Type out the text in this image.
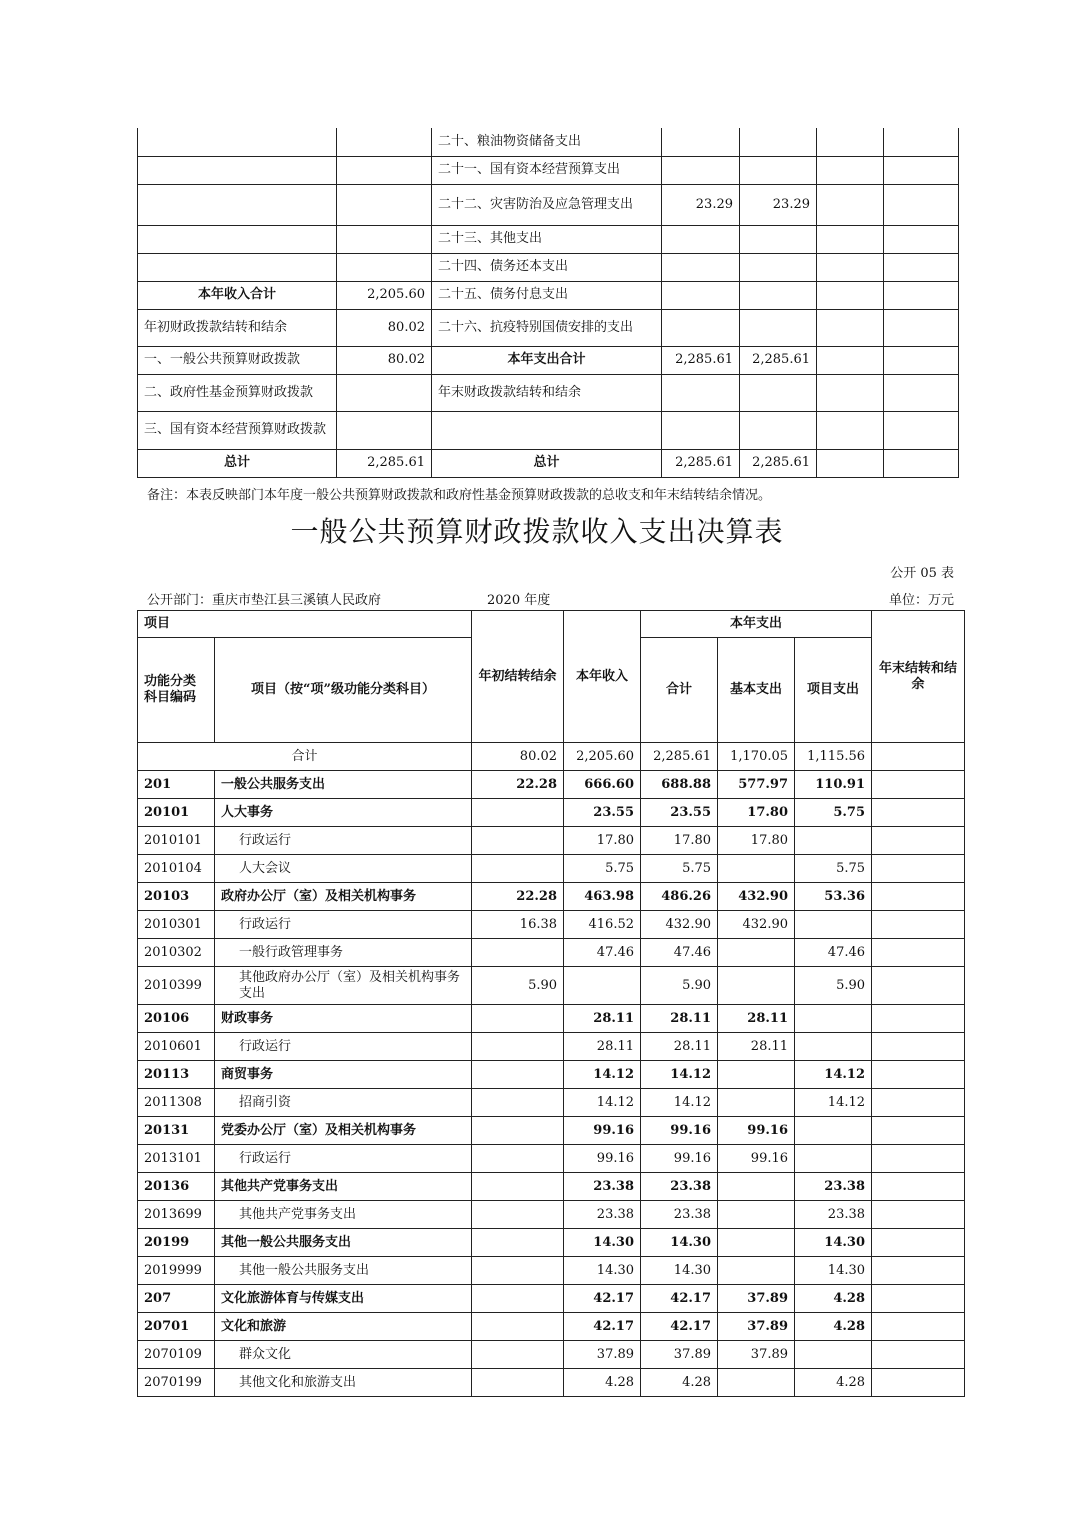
		二十、粮油物资储备支出				
		二十一、国有资本经营预算支出				
		二十二、灾害防治及应急管理支出	23.29	23.29		
		二十三、其他支出				
		二十四、债务还本支出				
本年收入合计	2,205.60	二十五、债务付息支出				
年初财政拨款结转和结余	80.02	二十六、抗疫特别国债安排的支出				
一、一般公共预算财政拨款	80.02	本年支出合计	2,285.61	2,285.61		
二、政府性基金预算财政拨款		年末财政拨款结转和结余				
三、国有资本经营预算财政拨款						
总计	2,285.61	总计	2,285.61	2,285.61		
备注：本表反映部门本年度一般公共预算财政拨款和政府性基金预算财政拨款的总收支和年末结转结余情况。
一般公共预算财政拨款收入支出决算表
公开 05 表
公开部门：重庆市垫江县三溪镇人民政府	2020 年度	单位：万元
项目		年初结转结余	本年收入	本年支出			年末结转和结余
功能分类科目编码	项目（按“项”级功能分类科目）			合计	基本支出	项目支出	
合计		80.02	2,205.60	2,285.61	1,170.05	1,115.56	
201	一般公共服务支出	22.28	666.60	688.88	577.97	110.91	
20101	人大事务		23.55	23.55	17.80	5.75	
2010101	行政运行		17.80	17.80	17.80		
2010104	人大会议		5.75	5.75		5.75	
20103	政府办公厅（室）及相关机构事务	22.28	463.98	486.26	432.90	53.36	
2010301	行政运行	16.38	416.52	432.90	432.90		
2010302	一般行政管理事务		47.46	47.46		47.46	
2010399	其他政府办公厅（室）及相关机构事务支出	5.90		5.90		5.90	
20106	财政事务		28.11	28.11	28.11		
2010601	行政运行		28.11	28.11	28.11		
20113	商贸事务		14.12	14.12		14.12	
2011308	招商引资		14.12	14.12		14.12	
20131	党委办公厅（室）及相关机构事务		99.16	99.16	99.16		
2013101	行政运行		99.16	99.16	99.16		
20136	其他共产党事务支出		23.38	23.38		23.38	
2013699	其他共产党事务支出		23.38	23.38		23.38	
20199	其他一般公共服务支出		14.30	14.30		14.30	
2019999	其他一般公共服务支出		14.30	14.30		14.30	
207	文化旅游体育与传媒支出		42.17	42.17	37.89	4.28	
20701	文化和旅游		42.17	42.17	37.89	4.28	
2070109	群众文化		37.89	37.89	37.89		
2070199	其他文化和旅游支出		4.28	4.28		4.28	
